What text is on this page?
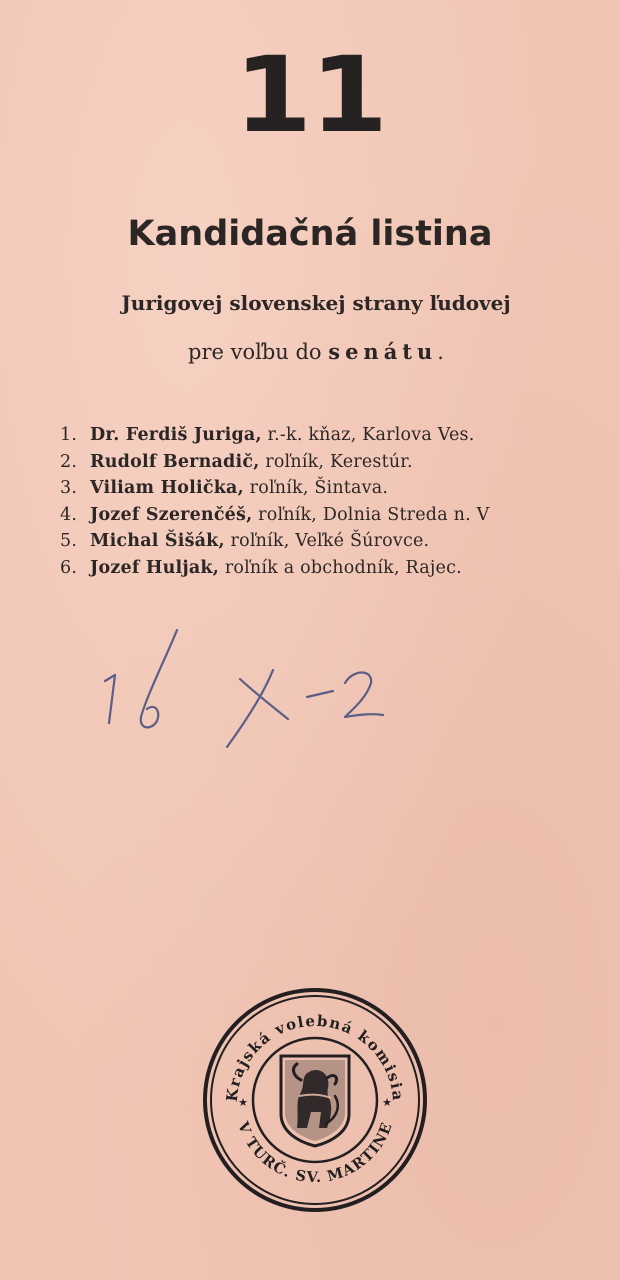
11
Kandidačná listina
Jurigovej slovenskej strany ľudovej
pre voľbu do senátu.
1. Dr. Ferdiš Juriga, r.-k. kňaz, Karlova Ves.
2. Rudolf Bernadič, roľník, Kerestúr.
3. Viliam Holička, roľník, Šintava.
4. Jozef Szerenčéš, roľník, Dolnia Streda n. V
5. Michal Šišák, roľník, Veľké Šúrovce.
6. Jozef Huljak, roľník a obchodník, Rajec.
Krajská volebná komisia
V TURČ. SV. MARTINE
★	★
